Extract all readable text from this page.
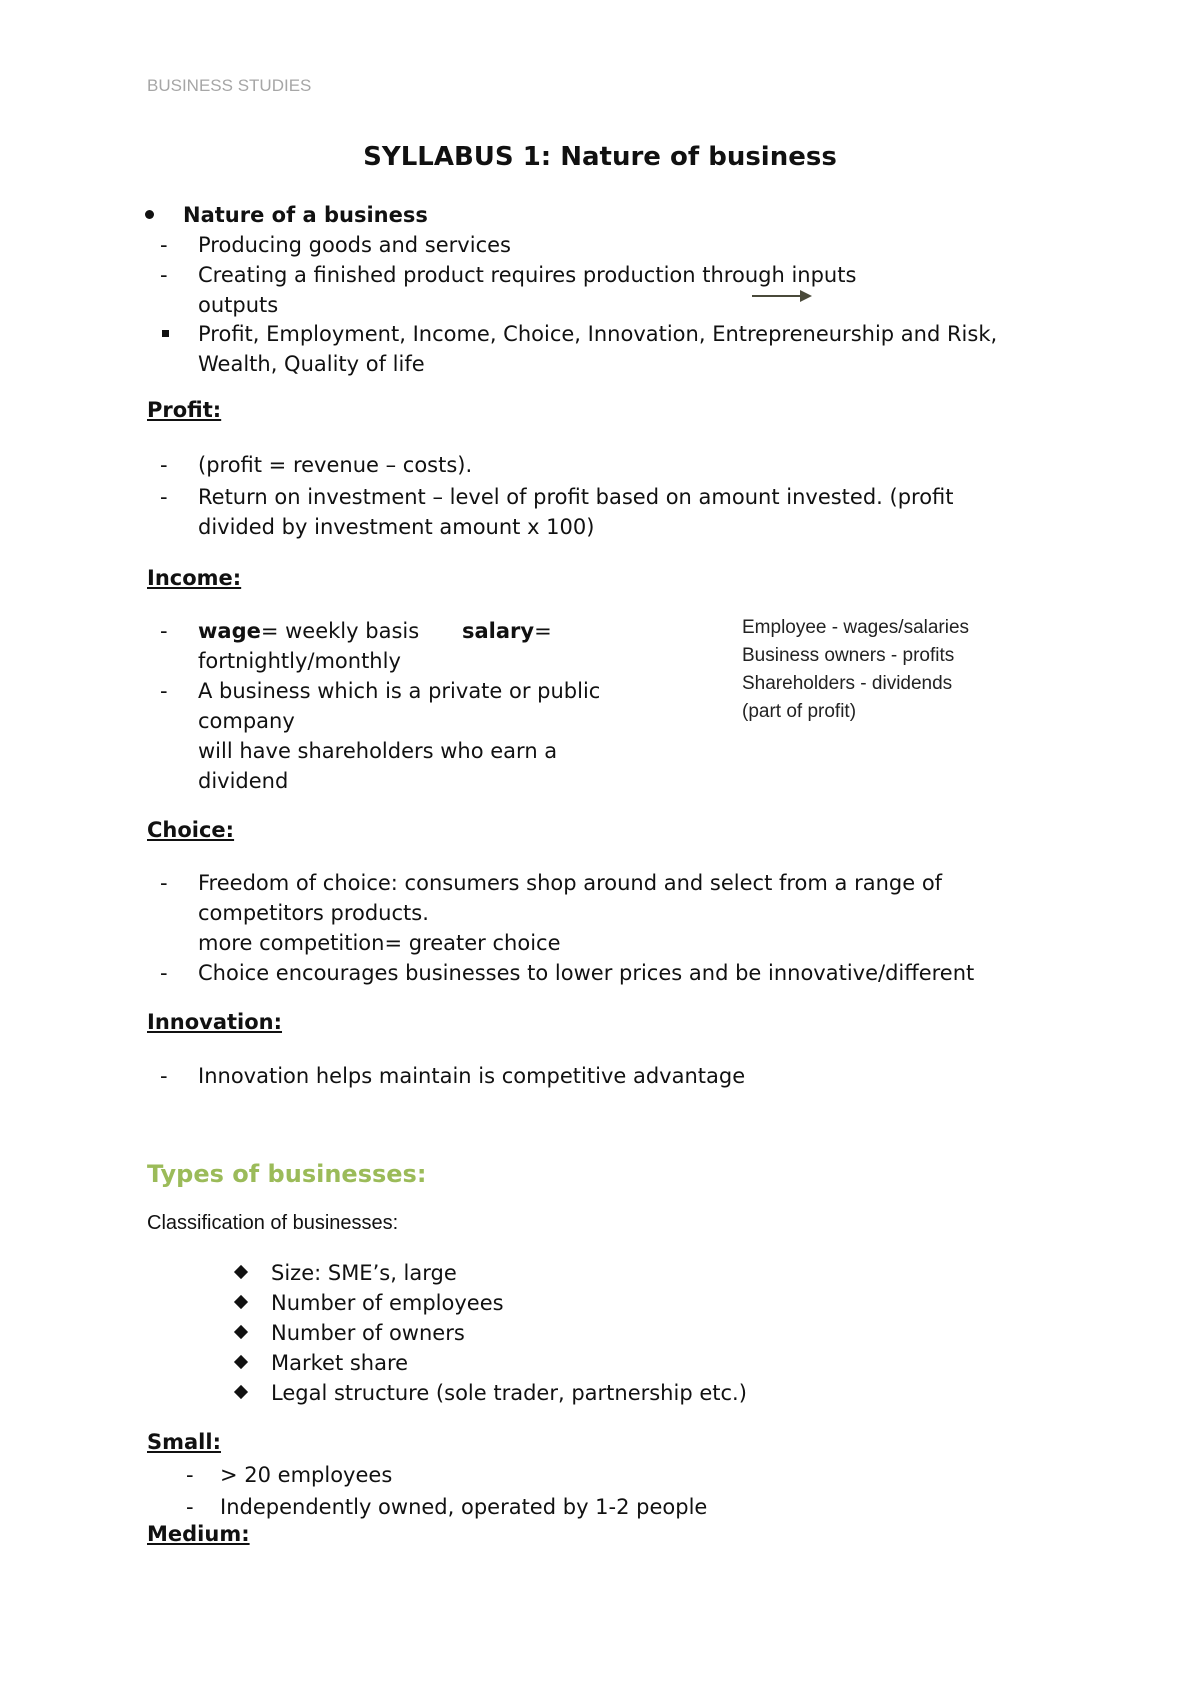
BUSINESS STUDIES
SYLLABUS 1: Nature of business
Nature of a business
- Producing goods and services
- Creating a finished product requires production through inputs
outputs
Profit, Employment, Income, Choice, Innovation, Entrepreneurship and Risk,
Wealth, Quality of life
Profit:
- (profit = revenue – costs).
- Return on investment – level of profit based on amount invested. (profit
divided by investment amount x 100)
Income:
- wage= weekly basis salary=
fortnightly/monthly
- A business which is a private or public
company
will have shareholders who earn a
dividend
Employee - wages/salaries
Business owners - profits
Shareholders - dividends
(part of profit)
Choice:
- Freedom of choice: consumers shop around and select from a range of
competitors products.
more competition= greater choice
- Choice encourages businesses to lower prices and be innovative/different
Innovation:
- Innovation helps maintain is competitive advantage
Types of businesses:
Classification of businesses:
Size: SME’s, large
Number of employees
Number of owners
Market share
Legal structure (sole trader, partnership etc.)
Small:
- > 20 employees
- Independently owned, operated by 1-2 people
Medium:
